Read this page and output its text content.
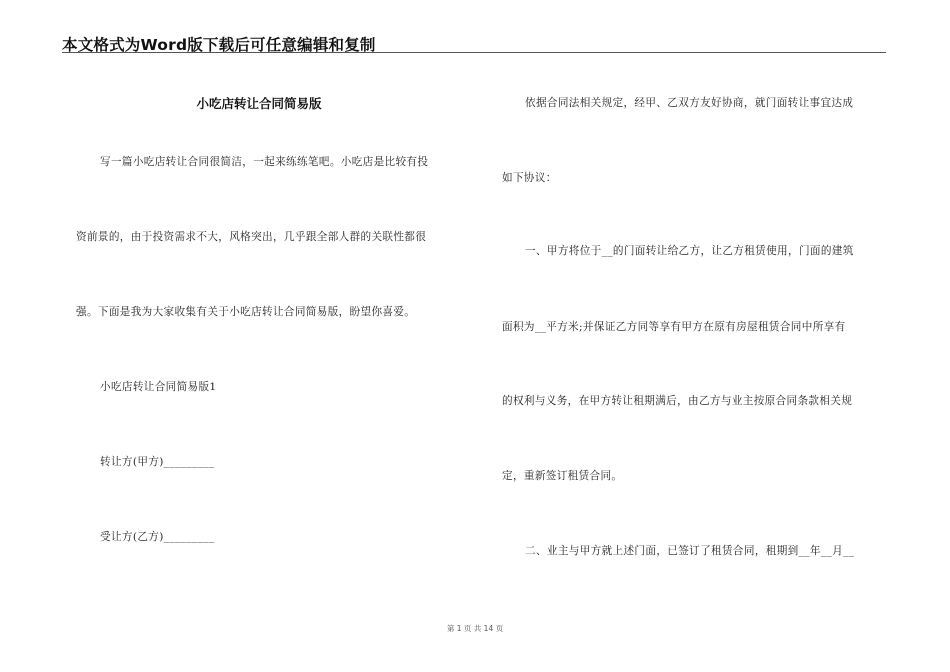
本文格式为Word版下载后可任意编辑和复制
小吃店转让合同简易版
写一篇小吃店转让合同很简洁，一起来练练笔吧。小吃店是比较有投
资前景的，由于投资需求不大，风格突出，几乎跟全部人群的关联性都很
强。下面是我为大家收集有关于小吃店转让合同简易版，盼望你喜爱。
小吃店转让合同简易版1
转让方(甲方)_________
受让方(乙方)_________
依据合同法相关规定，经甲、乙双方友好协商，就门面转让事宜达成
如下协议：
一、甲方将位于__的门面转让给乙方，让乙方租赁使用，门面的建筑
面积为__平方米;并保证乙方同等享有甲方在原有房屋租赁合同中所享有
的权利与义务，在甲方转让租期满后，由乙方与业主按原合同条款相关规
定，重新签订租赁合同。
二、业主与甲方就上述门面，已签订了租赁合同，租期到__年__月__
第 1 页 共 14 页
